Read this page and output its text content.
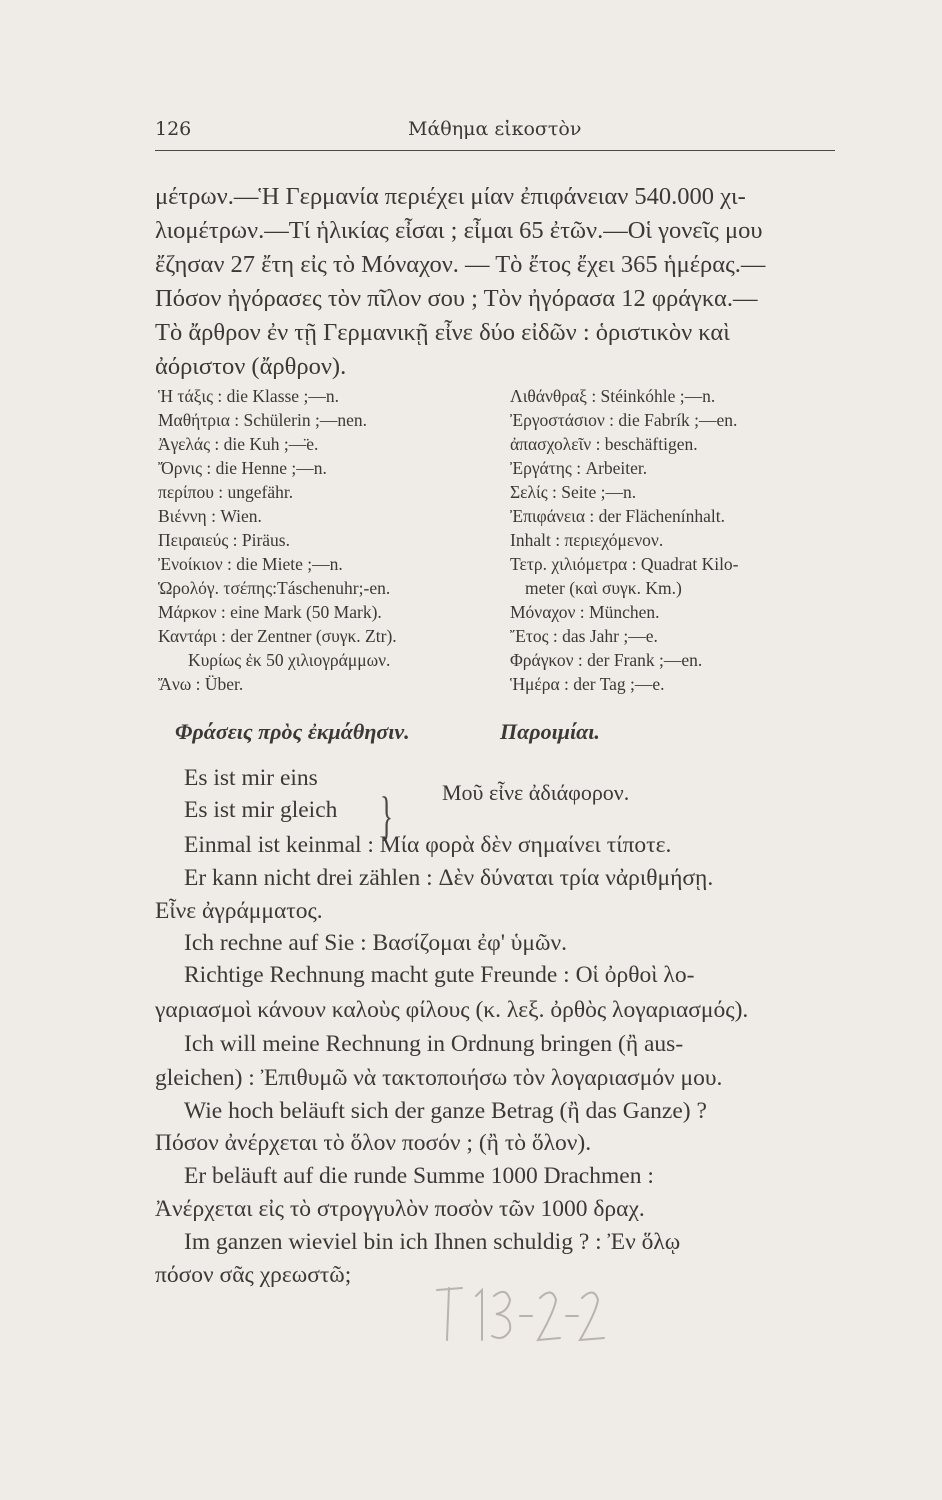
126	Μάθημα εἰκοστὸν
μέτρων.—Ἡ Γερμανία περιέχει μίαν ἐπιφάνειαν 540.000 χι-
λιομέτρων.—Τί ἡλικίας εἶσαι ; εἶμαι 65 ἐτῶν.—Οἱ γονεῖς μου
ἔζησαν 27 ἔτη εἰς τὸ Μόναχον. — Τὸ ἔτος ἔχει 365 ἡμέρας.—
Πόσον ἠγόρασες τὸν πῖλον σου ; Τὸν ἠγόρασα 12 φράγκα.—
Τὸ ἄρθρον ἐν τῇ Γερμανικῇ εἶνε δύο εἰδῶν : ὁριστικὸν καὶ
ἀόριστον (ἄρθρον).
Ἡ τάξις : die Klasse ;—n.
Μαθήτρια : Schülerin ;—nen.
Ἀγελάς : die Kuh ;—̈e.
Ὄρνις : die Henne ;—n.
περίπου : ungefähr.
Βιέννη : Wien.
Πειραιεύς : Piräus.
Ἐνοίκιον : die Miete ;—n.
Ὡρολόγ. τσέπης:Táschenuhr;-en.
Μάρκον : eine Mark (50 Mark).
Καντάρι : der Zentner (συγκ. Ztr).
Κυρίως ἐκ 50 χιλιογράμμων.
Ἄνω : Über.
Λιθάνθραξ : Stéinkóhle ;—n.
Ἐργοστάσιον : die Fabrík ;—en.
ἀπασχολεῖν : beschäftigen.
Ἐργάτης : Arbeiter.
Σελίς : Seite ;—n.
Ἐπιφάνεια : der Flächenínhalt.
Inhalt : περιεχόμενον.
Τετρ. χιλιόμετρα : Quadrat Kilo-
meter (καὶ συγκ. Km.)
Μόναχον : München.
Ἔτος : das Jahr ;—e.
Φράγκον : der Frank ;—en.
Ἡμέρα : der Tag ;—e.
Φράσεις πρὸς ἐκμάθησιν.	Παροιμίαι.
Es ist mir eins
Es ist mir gleich } Μοῦ εἶνε ἀδιάφορον.
Einmal ist keinmal : Μία φορὰ δὲν σημαίνει τίποτε.
Er kann nicht drei zählen : Δὲν δύναται τρία νἀριθμήσῃ.
Εἶνε ἀγράμματος.
Ich rechne auf Sie : Βασίζομαι ἐφ' ὑμῶν.
Richtige Rechnung macht gute Freunde : Οἱ ὀρθοὶ λο-
γαριασμοὶ κάνουν καλοὺς φίλους (κ. λεξ. ὀρθὸς λογαριασμός).
Ich will meine Rechnung in Ordnung bringen (ἢ aus-
gleichen) : Ἐπιθυμῶ νὰ τακτοποιήσω τὸν λογαριασμόν μου.
Wie hoch beläuft sich der ganze Betrag (ἢ das Ganze) ?
Πόσον ἀνέρχεται τὸ ὅλον ποσόν ; (ἢ τὸ ὅλον).
Er beläuft auf die runde Summe 1000 Drachmen :
Ἀνέρχεται εἰς τὸ στρογγυλὸν ποσὸν τῶν 1000 δραχ.
Im ganzen wieviel bin ich Ihnen schuldig ? : Ἐν ὅλῳ
πόσον σᾶς χρεωστῶ;
